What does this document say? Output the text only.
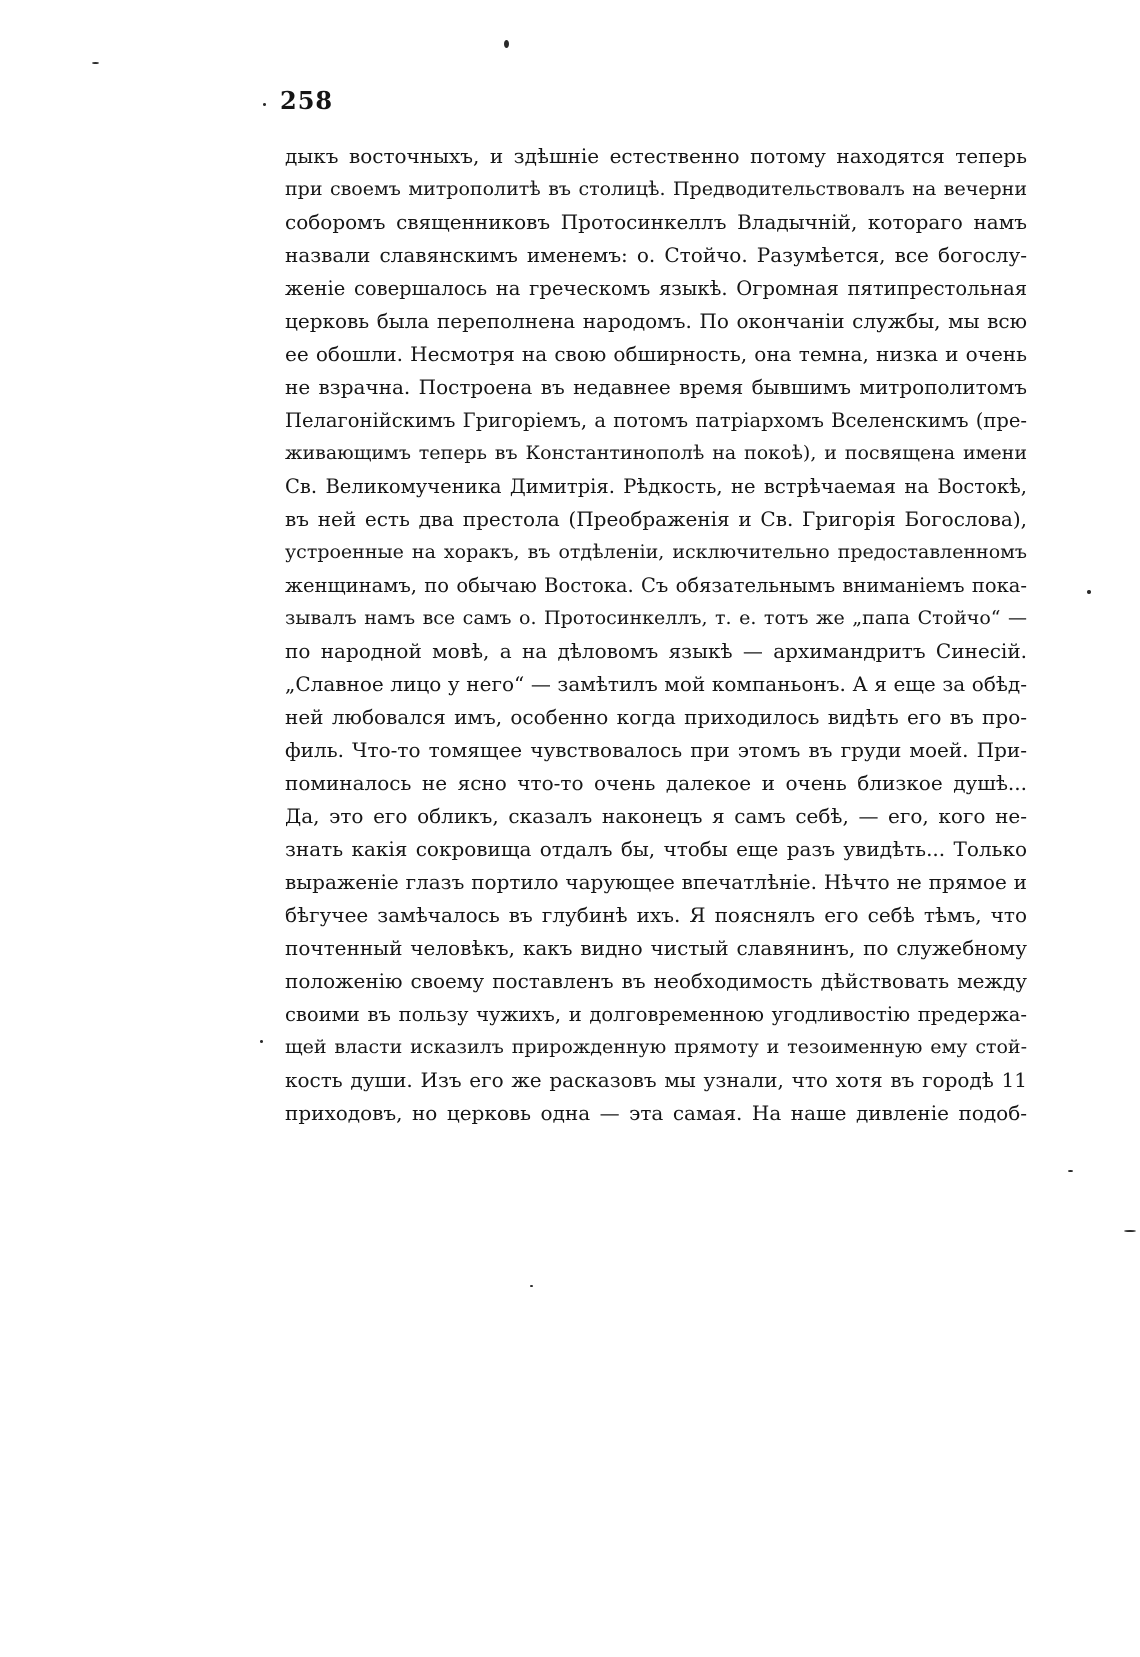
258
дыкъ восточныхъ, и здѣшніе естественно потому находятся теперь
при своемъ митрополитѣ въ столицѣ. Предводительствовалъ на вечерни
соборомъ священниковъ Протосинкеллъ Владычній, котораго намъ
назвали славянскимъ именемъ: о. Стойчо. Разумѣется, все богослу-
женіе совершалось на греческомъ языкѣ. Огромная пятипрестольная
церковь была переполнена народомъ. По окончаніи службы, мы всю
ее обошли. Несмотря на свою обширность, она темна, низка и очень
не взрачна. Построена въ недавнее время бывшимъ митрополитомъ
Пелагонійскимъ Григоріемъ, а потомъ патріархомъ Вселенскимъ (пре-
живающимъ теперь въ Константинополѣ на покоѣ), и посвящена имени
Св. Великомученика Димитрія. Рѣдкость, не встрѣчаемая на Востокѣ,
въ ней есть два престола (Преображенія и Св. Григорія Богослова),
устроенные на хоракъ, въ отдѣленіи, исключительно предоставленномъ
женщинамъ, по обычаю Востока. Съ обязательнымъ вниманіемъ пока-
зывалъ намъ все самъ о. Протосинкеллъ, т. е. тотъ же „папа Стойчо“ —
по народной мовѣ, а на дѣловомъ языкѣ — архимандритъ Синесій.
„Славное лицо у него“ — замѣтилъ мой компаньонъ. А я еще за обѣд-
ней любовался имъ, особенно когда приходилось видѣть его въ про-
филь. Что-то томящее чувствовалось при этомъ въ груди моей. При-
поминалось не ясно что-то очень далекое и очень близкое душѣ...
Да, это его обликъ, сказалъ наконецъ я самъ себѣ, — его, кого не-
знать какія сокровища отдалъ бы, чтобы еще разъ увидѣть... Только
выраженіе глазъ портило чарующее впечатлѣніе. Нѣчто не прямое и
бѣгучее замѣчалось въ глубинѣ ихъ. Я пояснялъ его себѣ тѣмъ, что
почтенный человѣкъ, какъ видно чистый славянинъ, по служебному
положенію своему поставленъ въ необходимость дѣйствовать между
своими въ пользу чужихъ, и долговременною угодливостію предержа-
щей власти исказилъ прирожденную прямоту и тезоименную ему стой-
кость души. Изъ его же расказовъ мы узнали, что хотя въ городѣ 11
приходовъ, но церковь одна — эта самая. На наше дивленіе подоб-
